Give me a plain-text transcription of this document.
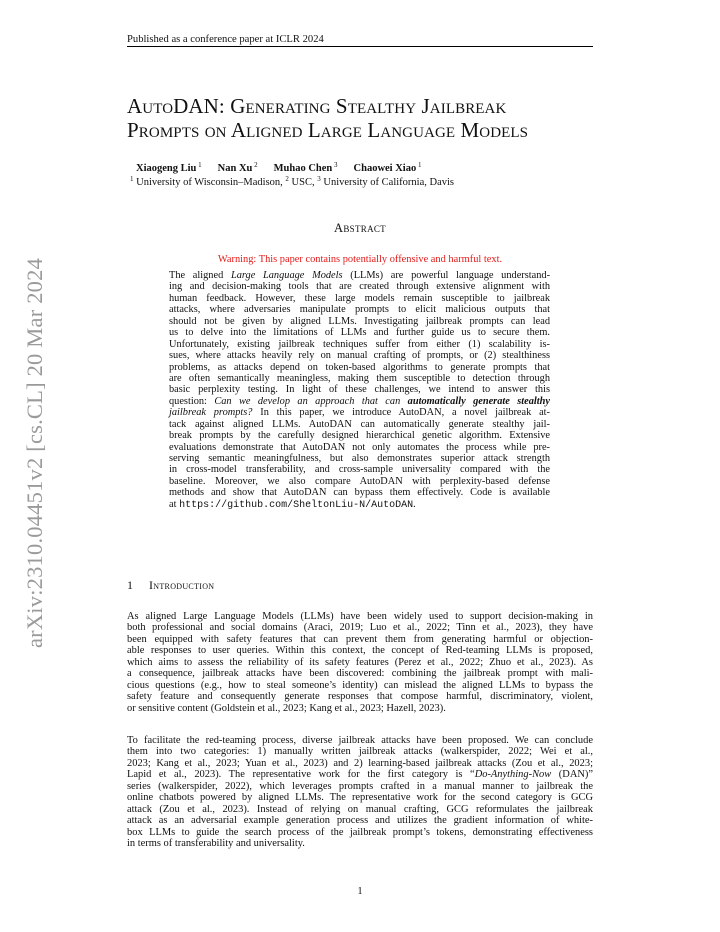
arXiv:2310.04451v2 [cs.CL] 20 Mar 2024
Published as a conference paper at ICLR 2024
AutoDAN: Generating Stealthy Jailbreak
Prompts on Aligned Large Language Models
Xiaogeng Liu $^1$ Nan Xu $^2$ Muhao Chen $^3$ Chaowei Xiao $^1$
$^1$ University of Wisconsin–Madison, $^2$ USC, $^3$ University of California, Davis
Abstract
Warning: This paper contains potentially offensive and harmful text.
The aligned Large Language Models (LLMs) are powerful language understand-
ing and decision-making tools that are created through extensive alignment with
human feedback. However, these large models remain susceptible to jailbreak
attacks, where adversaries manipulate prompts to elicit malicious outputs that
should not be given by aligned LLMs. Investigating jailbreak prompts can lead
us to delve into the limitations of LLMs and further guide us to secure them.
Unfortunately, existing jailbreak techniques suffer from either (1) scalability is-
sues, where attacks heavily rely on manual crafting of prompts, or (2) stealthiness
problems, as attacks depend on token-based algorithms to generate prompts that
are often semantically meaningless, making them susceptible to detection through
basic perplexity testing. In light of these challenges, we intend to answer this
question: Can we develop an approach that can automatically generate stealthy
jailbreak prompts? In this paper, we introduce AutoDAN, a novel jailbreak at-
tack against aligned LLMs. AutoDAN can automatically generate stealthy jail-
break prompts by the carefully designed hierarchical genetic algorithm. Extensive
evaluations demonstrate that AutoDAN not only automates the process while pre-
serving semantic meaningfulness, but also demonstrates superior attack strength
in cross-model transferability, and cross-sample universality compared with the
baseline. Moreover, we also compare AutoDAN with perplexity-based defense
methods and show that AutoDAN can bypass them effectively. Code is available
at https://github.com/SheltonLiu-N/AutoDAN.
1 Introduction
As aligned Large Language Models (LLMs) have been widely used to support decision-making in
both professional and social domains (Araci, 2019; Luo et al., 2022; Tinn et al., 2023), they have
been equipped with safety features that can prevent them from generating harmful or objection-
able responses to user queries. Within this context, the concept of Red-teaming LLMs is proposed,
which aims to assess the reliability of its safety features (Perez et al., 2022; Zhuo et al., 2023). As
a consequence, jailbreak attacks have been discovered: combining the jailbreak prompt with mali-
cious questions (e.g., how to steal someone’s identity) can mislead the aligned LLMs to bypass the
safety feature and consequently generate responses that compose harmful, discriminatory, violent,
or sensitive content (Goldstein et al., 2023; Kang et al., 2023; Hazell, 2023).
To facilitate the red-teaming process, diverse jailbreak attacks have been proposed. We can conclude
them into two categories: 1) manually written jailbreak attacks (walkerspider, 2022; Wei et al.,
2023; Kang et al., 2023; Yuan et al., 2023) and 2) learning-based jailbreak attacks (Zou et al., 2023;
Lapid et al., 2023). The representative work for the first category is “Do-Anything-Now (DAN)”
series (walkerspider, 2022), which leverages prompts crafted in a manual manner to jailbreak the
online chatbots powered by aligned LLMs. The representative work for the second category is GCG
attack (Zou et al., 2023). Instead of relying on manual crafting, GCG reformulates the jailbreak
attack as an adversarial example generation process and utilizes the gradient information of white-
box LLMs to guide the search process of the jailbreak prompt’s tokens, demonstrating effectiveness
in terms of transferability and universality.
1
